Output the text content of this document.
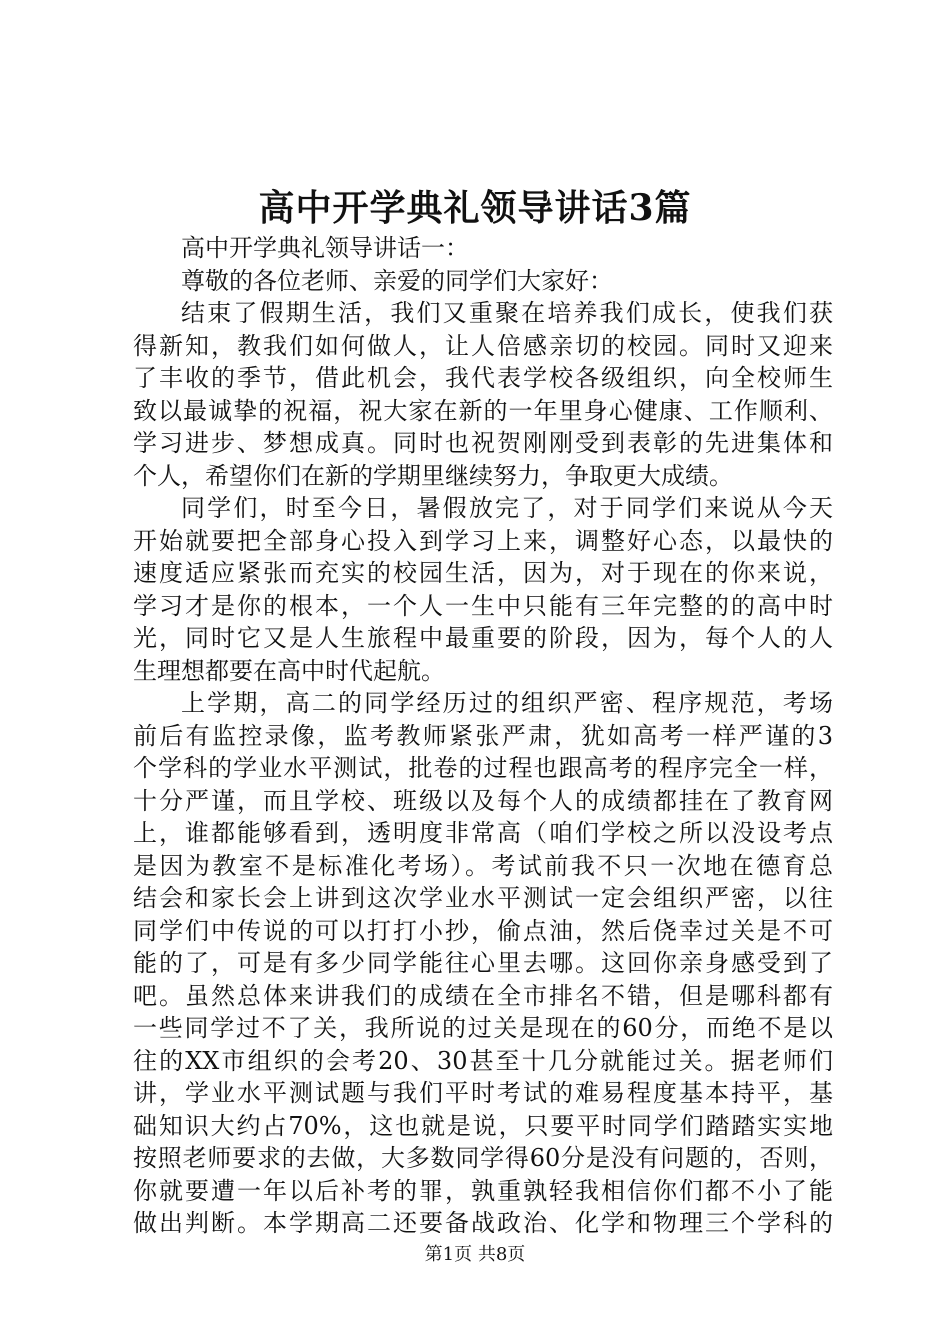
高中开学典礼领导讲话3篇
高中开学典礼领导讲话一：
尊敬的各位老师、亲爱的同学们大家好：
结束了假期生活，我们又重聚在培养我们成长，使我们获
得新知，教我们如何做人，让人倍感亲切的校园。同时又迎来
了丰收的季节，借此机会，我代表学校各级组织，向全校师生
致以最诚挚的祝福，祝大家在新的一年里身心健康、工作顺利、
学习进步、梦想成真。同时也祝贺刚刚受到表彰的先进集体和
个人，希望你们在新的学期里继续努力，争取更大成绩。
同学们，时至今日，暑假放完了，对于同学们来说从今天
开始就要把全部身心投入到学习上来，调整好心态，以最快的
速度适应紧张而充实的校园生活，因为，对于现在的你来说，
学习才是你的根本，一个人一生中只能有三年完整的的高中时
光，同时它又是人生旅程中最重要的阶段，因为，每个人的人
生理想都要在高中时代起航。
上学期，高二的同学经历过的组织严密、程序规范，考场
前后有监控录像，监考教师紧张严肃，犹如高考一样严谨的3
个学科的学业水平测试，批卷的过程也跟高考的程序完全一样，
十分严谨，而且学校、班级以及每个人的成绩都挂在了教育网
上，谁都能够看到，透明度非常高（咱们学校之所以没设考点
是因为教室不是标准化考场）。考试前我不只一次地在德育总
结会和家长会上讲到这次学业水平测试一定会组织严密，以往
同学们中传说的可以打打小抄，偷点油，然后侥幸过关是不可
能的了，可是有多少同学能往心里去哪。这回你亲身感受到了
吧。虽然总体来讲我们的成绩在全市排名不错，但是哪科都有
一些同学过不了关，我所说的过关是现在的60分，而绝不是以
往的XX市组织的会考20、30甚至十几分就能过关。据老师们
讲，学业水平测试题与我们平时考试的难易程度基本持平，基
础知识大约占70%，这也就是说，只要平时同学们踏踏实实地
按照老师要求的去做，大多数同学得60分是没有问题的，否则，
你就要遭一年以后补考的罪，孰重孰轻我相信你们都不小了能
做出判断。本学期高二还要备战政治、化学和物理三个学科的
第1页 共8页
